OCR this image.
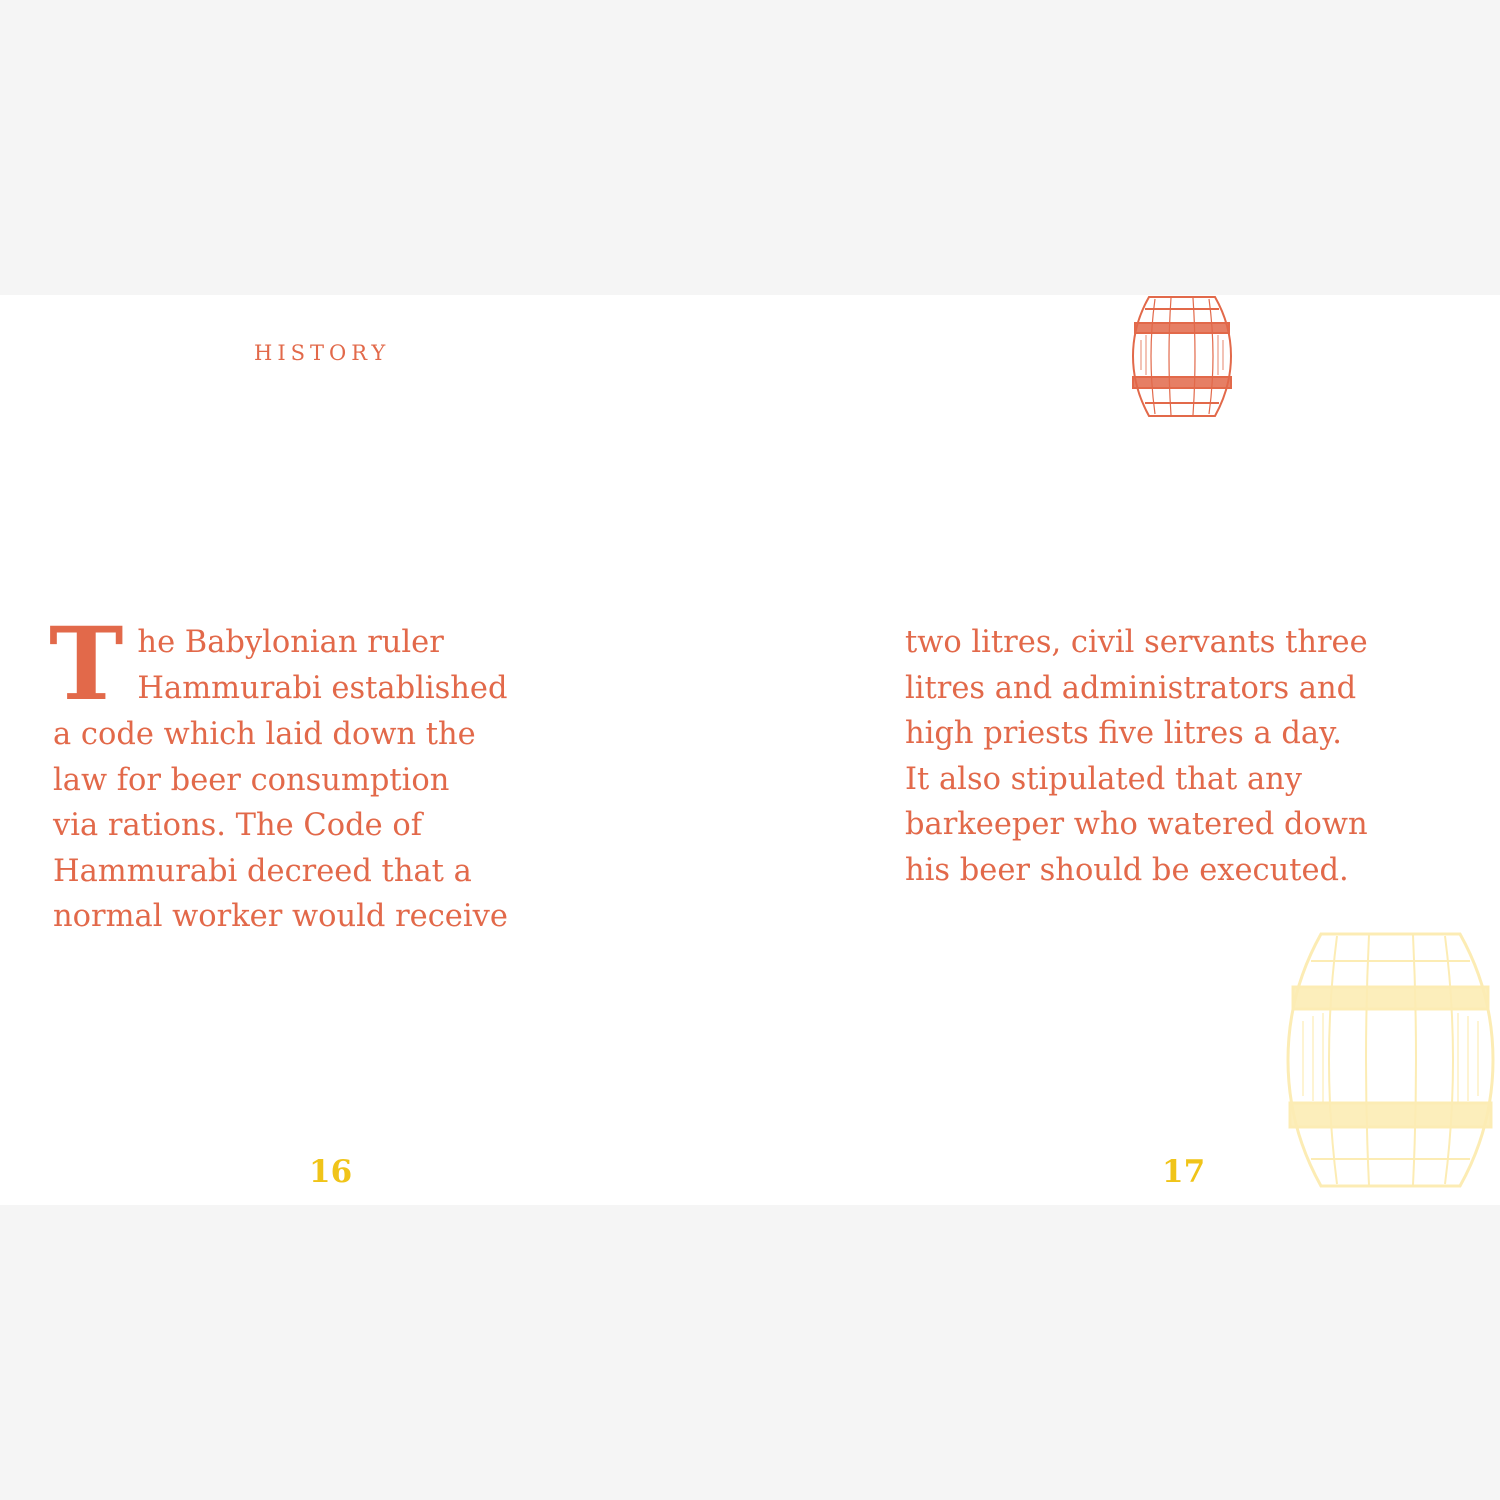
HISTORY
T he Babylonian ruler
Hammurabi established
a code which laid down the
law for beer consumption
via rations. The Code of
Hammurabi decreed that a
normal worker would receive
two litres, civil servants three
litres and administrators and
high priests five litres a day.
It also stipulated that any
barkeeper who watered down
his beer should be executed.
16	17
